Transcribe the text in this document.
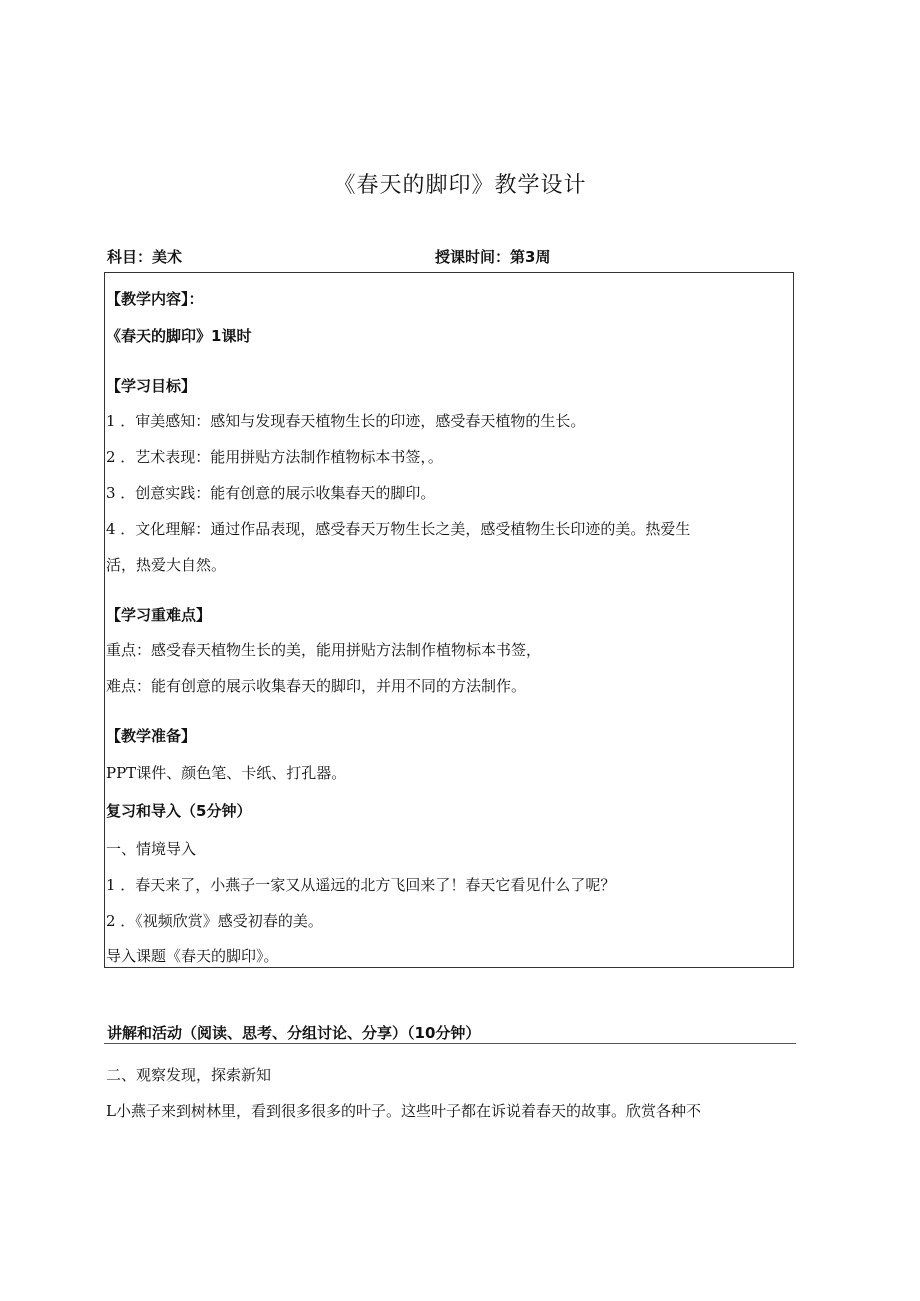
《春天的脚印》教学设计
科目：美术	授课时间：第3周
【教学内容】：
《春天的脚印》1课时
【学习目标】
1 ．审美感知：感知与发现春天植物生长的印迹，感受春天植物的生长。
2 ．艺术表现：能用拼贴方法制作植物标本书签，。
3 ．创意实践：能有创意的展示收集春天的脚印。
4 ．文化理解：通过作品表现，感受春天万物生长之美，感受植物生长印迹的美。热爱生
活，热爱大自然。
【学习重难点】
重点：感受春天植物生长的美，能用拼贴方法制作植物标本书签，
难点：能有创意的展示收集春天的脚印，并用不同的方法制作。
【教学准备】
PPT课件、颜色笔、卡纸、打孔器。
复习和导入（5分钟）
一、情境导入
1 ．春天来了，小燕子一家又从遥远的北方飞回来了！春天它看见什么了呢？
2 ．《视频欣赏》感受初春的美。
导入课题《春天的脚印》。
讲解和活动（阅读、思考、分组讨论、分享）（10分钟）
二、观察发现，探索新知
L小燕子来到树林里，看到很多很多的叶子。这些叶子都在诉说着春天的故事。欣赏各种不
